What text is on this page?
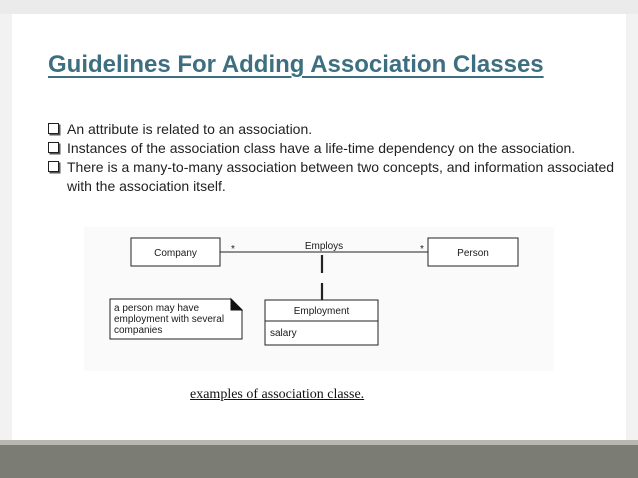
Guidelines For Adding Association Classes
An attribute is related to an association.
Instances of the association class have a life-time dependency on the association.
There is a many-to-many association between two concepts, and information associated with the association itself.
Company	Person
Employs
*	*
Employment
salary
a person may have
employment with several
companies

examples of association classe.
